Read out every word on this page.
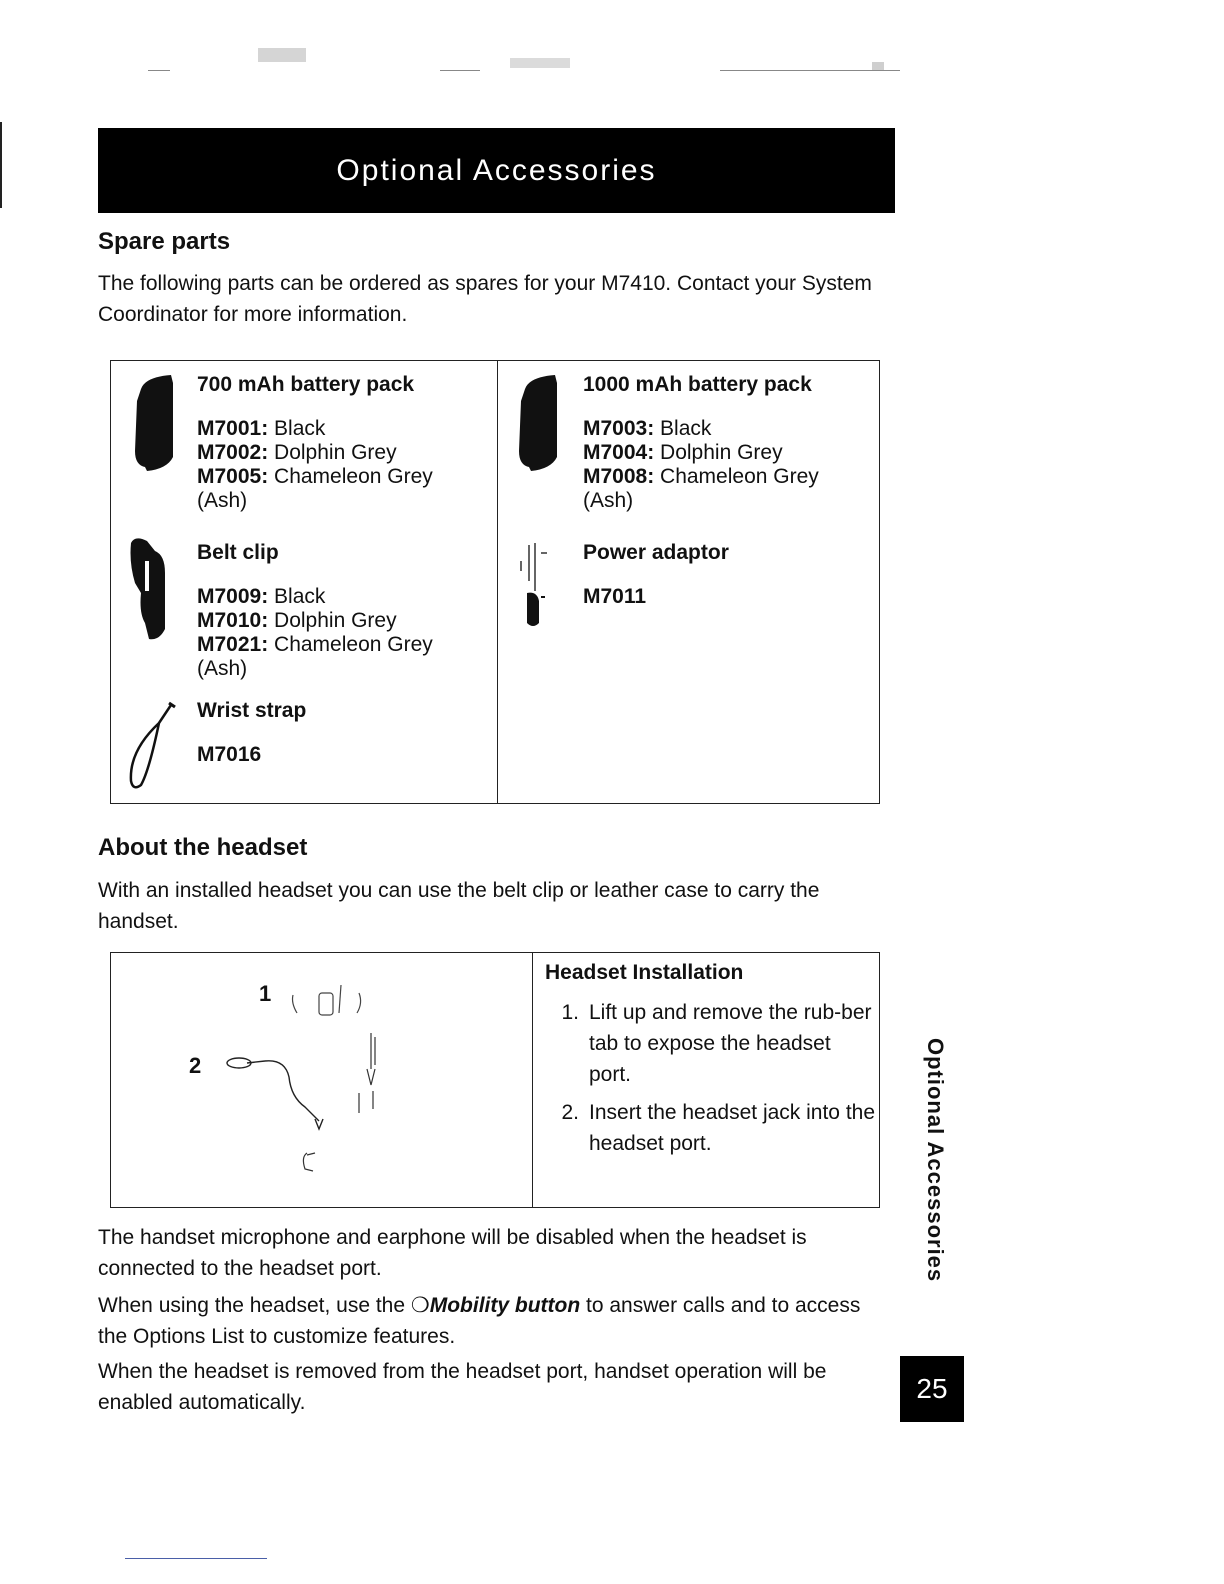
Optional Accessories
Spare parts

The following parts can be ordered as spares for your M7410. Contact your System Coordinator for more information.

700 mAh battery pack
M7001: Black
M7002: Dolphin Grey
M7005: Chameleon Grey (Ash)
Belt clip
M7009: Black
M7010: Dolphin Grey
M7021: Chameleon Grey (Ash)
Wrist strap
M7016
1000 mAh battery pack
M7003: Black
M7004: Dolphin Grey
M7008: Chameleon Grey (Ash)
Power adaptor
M7011
About the headset

With an installed headset you can use the belt clip or leather case to carry the handset.

1
2
Headset Installation
1. Lift up and remove the rub-ber tab to expose the headset port.
2. Insert the headset jack into the headset port.

The handset microphone and earphone will be disabled when the headset is connected to the headset port.

When using the headset, use the ❍Mobility button to answer calls and to access the Options List to customize features.

When the headset is removed from the headset port, handset operation will be enabled automatically.

Optional Accessories
25
